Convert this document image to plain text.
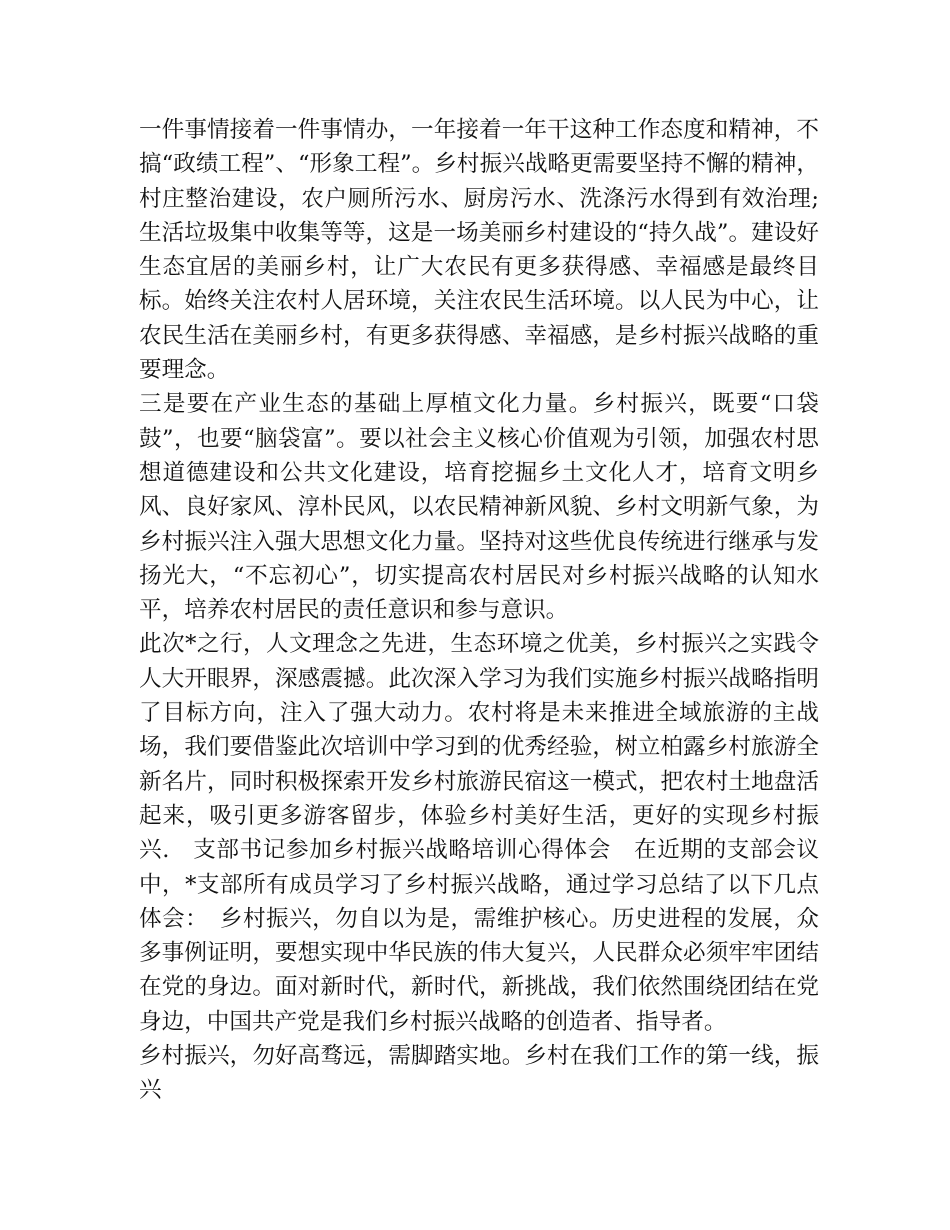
一件事情接着一件事情办，一年接着一年干这种工作态度和精神，不搞“政绩工程”、“形象工程”。乡村振兴战略更需要坚持不懈的精神，村庄整治建设，农户厕所污水、厨房污水、洗涤污水得到有效治理;生活垃圾集中收集等等，这是一场美丽乡村建设的“持久战”。建设好生态宜居的美丽乡村，让广大农民有更多获得感、幸福感是最终目标。始终关注农村人居环境，关注农民生活环境。以人民为中心，让农民生活在美丽乡村，有更多获得感、幸福感，是乡村振兴战略的重要理念。

三是要在产业生态的基础上厚植文化力量。乡村振兴，既要“口袋鼓”，也要“脑袋富”。要以社会主义核心价值观为引领，加强农村思想道德建设和公共文化建设，培育挖掘乡土文化人才，培育文明乡风、良好家风、淳朴民风，以农民精神新风貌、乡村文明新气象，为乡村振兴注入强大思想文化力量。坚持对这些优良传统进行继承与发扬光大，“不忘初心”，切实提高农村居民对乡村振兴战略的认知水平，培养农村居民的责任意识和参与意识。

此次*之行，人文理念之先进，生态环境之优美，乡村振兴之实践令人大开眼界，深感震撼。此次深入学习为我们实施乡村振兴战略指明了目标方向，注入了强大动力。农村将是未来推进全域旅游的主战场，我们要借鉴此次培训中学习到的优秀经验，树立柏露乡村旅游全新名片，同时积极探索开发乡村旅游民宿这一模式，把农村土地盘活起来，吸引更多游客留步，体验乡村美好生活，更好的实现乡村振兴.　支部书记参加乡村振兴战略培训心得体会　在近期的支部会议中，*支部所有成员学习了乡村振兴战略，通过学习总结了以下几点体会：　乡村振兴，勿自以为是，需维护核心。历史进程的发展，众多事例证明，要想实现中华民族的伟大复兴，人民群众必须牢牢团结在党的身边。面对新时代，新时代，新挑战，我们依然围绕团结在党身边，中国共产党是我们乡村振兴战略的创造者、指导者。

乡村振兴，勿好高骛远，需脚踏实地。乡村在我们工作的第一线，振兴
